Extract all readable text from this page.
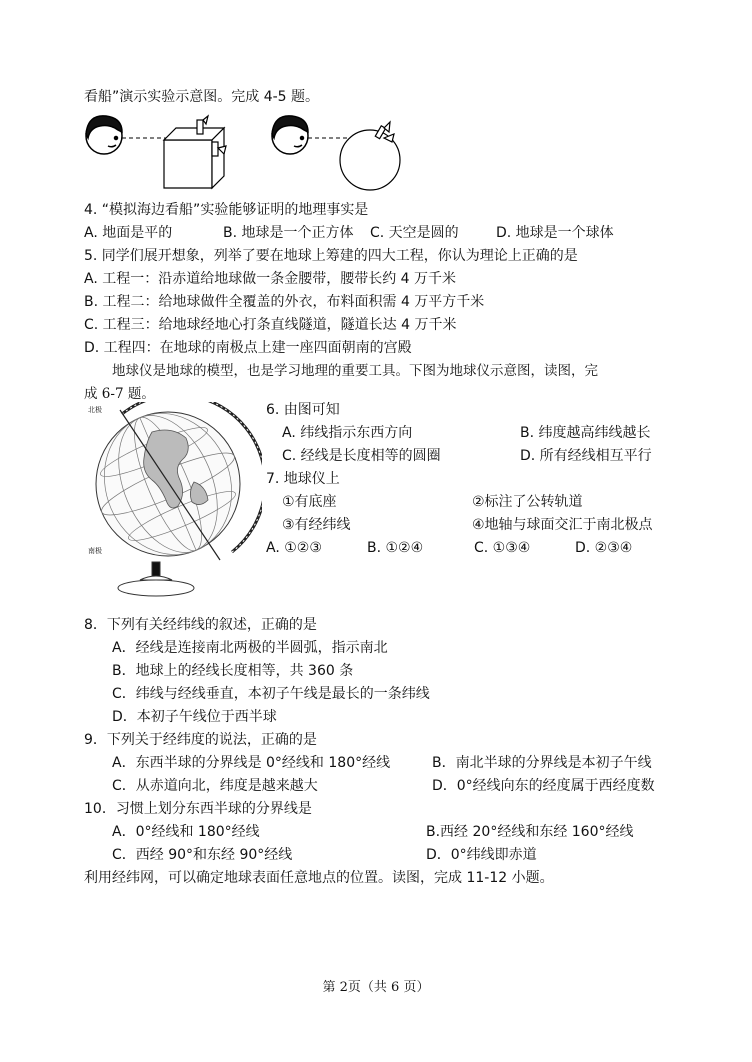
看船”演示实验示意图。完成 4-5 题。
4. “模拟海边看船”实验能够证明的地理事实是
A. 地面是平的	B. 地球是一个正方体 C. 天空是圆的	D. 地球是一个球体
5. 同学们展开想象，列举了要在地球上筹建的四大工程，你认为理论上正确的是
A. 工程一：沿赤道给地球做一条金腰带，腰带长约 4 万千米
B. 工程二：给地球做件全覆盖的外衣，布料面积需 4 万平方千米
C. 工程三：给地球经地心打条直线隧道，隧道长达 4 万千米
D. 工程四：在地球的南极点上建一座四面朝南的宫殿
地球仪是地球的模型，也是学习地理的重要工具。下图为地球仪示意图，读图，完
成 6-7 题。
北极
南极
6. 由图可知
A. 纬线指示东西方向	B. 纬度越高纬线越长
C. 经线是长度相等的圆圈	D. 所有经线相互平行
7. 地球仪上
①有底座	②标注了公转轨道
③有经纬线	④地轴与球面交汇于南北极点
A. ①②③	B. ①②④	C. ①③④	D. ②③④
8．下列有关经纬线的叙述，正确的是
A．经线是连接南北两极的半圆弧，指示南北
B．地球上的经线长度相等，共 360 条
C．纬线与经线垂直，本初子午线是最长的一条纬线
D．本初子午线位于西半球
9．下列关于经纬度的说法，正确的是
A．东西半球的分界线是 0°经线和 180°经线	B．南北半球的分界线是本初子午线
C．从赤道向北，纬度是越来越大	D．0°经线向东的经度属于西经度数
10．习惯上划分东西半球的分界线是
A．0°经线和 180°经线	B.西经 20°经线和东经 160°经线
C．西经 90°和东经 90°经线	D．0°纬线即赤道
利用经纬网，可以确定地球表面任意地点的位置。读图，完成 11-12 小题。
第 2页（共 6 页）
